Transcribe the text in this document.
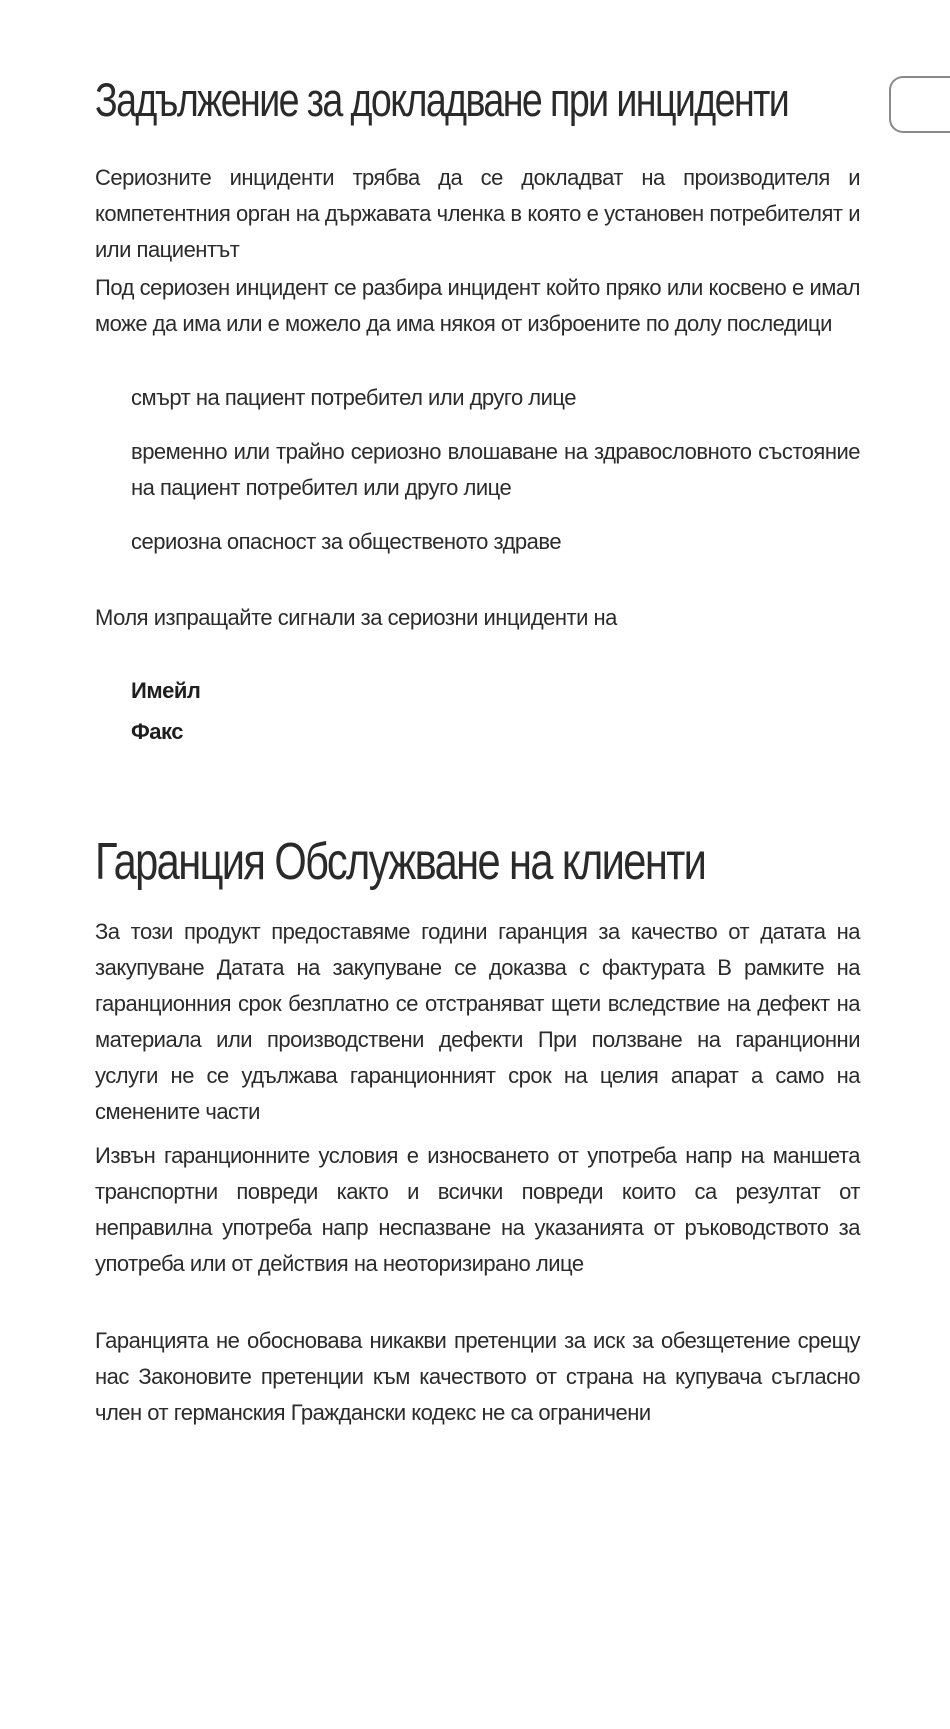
Задължение за докладване при инциденти

Сериозните инциденти трябва да се докладват на производителя и компетентния орган на държавата членка в която е установен потребителят и или пациентът

Под сериозен инцидент се разбира инцидент който пряко или косвено е имал може да има или е можело да има някоя от изброените по долу последици

смърт на пациент потребител или друго лице
временно или трайно сериозно влошаване на здравословното състояние на пациент потребител или друго лице
сериозна опасност за общественото здраве

Моля изпращайте сигнали за сериозни инциденти на

Имейл
Факс
Гаранция Обслужване на клиенти

За този продукт предоставяме години гаранция за качество от датата на закупуване Датата на закупуване се доказва с фактурата В рамките на гаранционния срок безплатно се отстраняват щети вследствие на дефект на материала или производствени дефекти При ползване на гаранционни услуги не се удължава гаранционният срок на целия апарат а само на сменените части

Извън гаранционните условия е износването от употреба напр на маншета транспортни повреди както и всички повреди които са резултат от неправилна употреба напр неспазване на указанията от ръководството за употреба или от действия на неоторизирано лице

Гаранцията не обосновава никакви претенции за иск за обезщетение срещу нас Законовите претенции към качеството от страна на купувача съгласно член от германския Граждански кодекс не са ограничени
